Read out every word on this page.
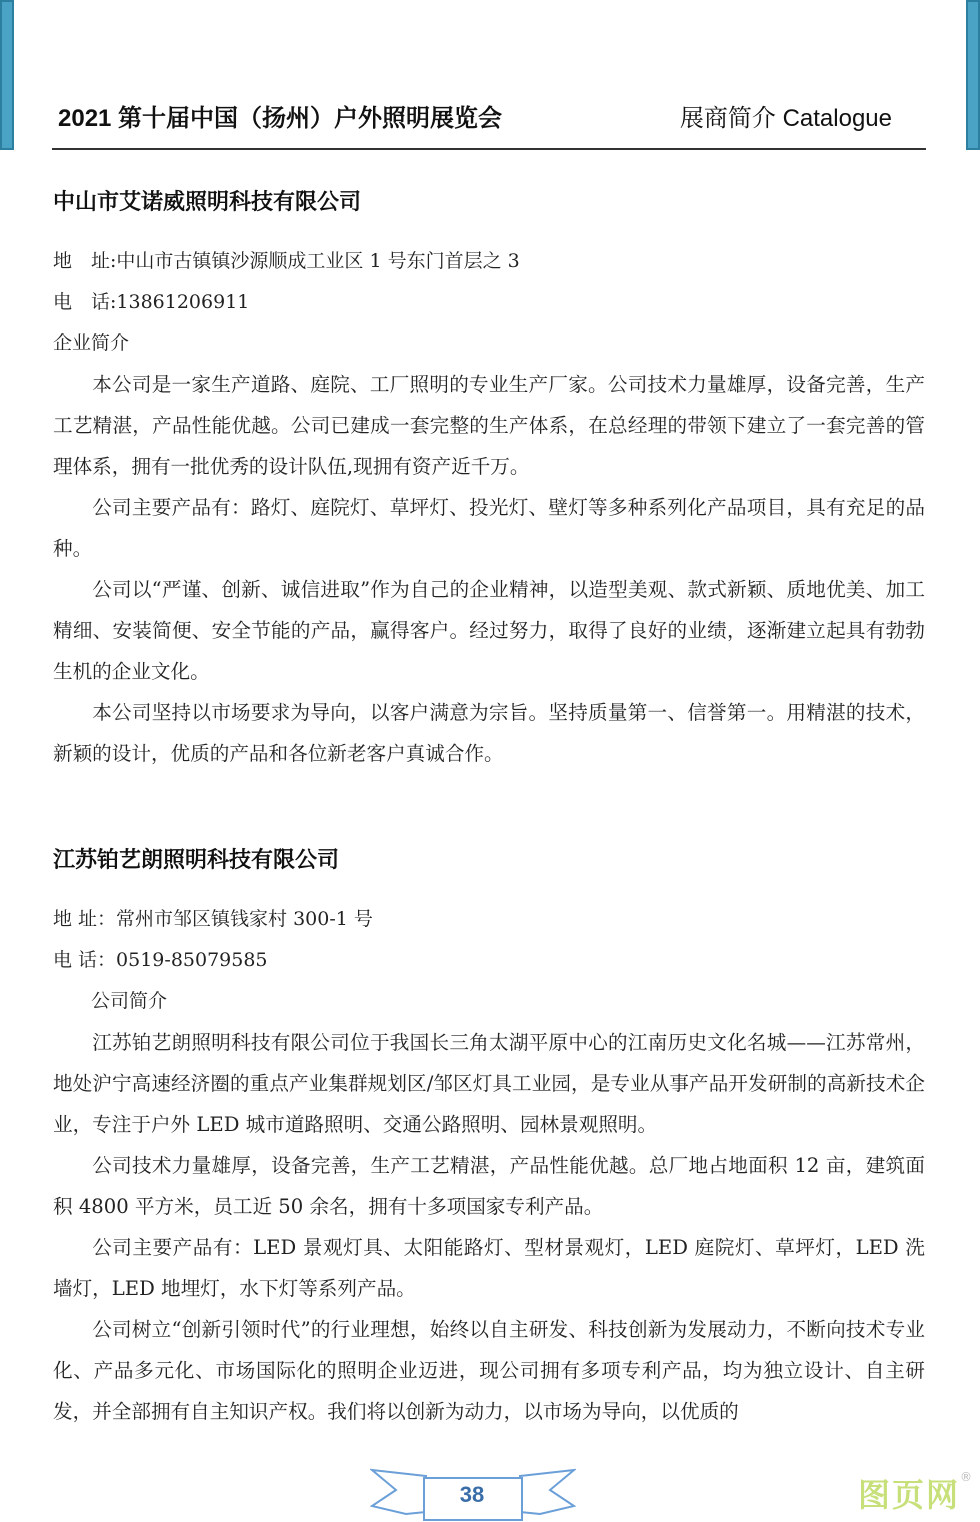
2021 第十届中国（扬州）户外照明展览会	展商简介 Catalogue
中山市艾诺威照明科技有限公司
地　址:中山市古镇镇沙源顺成工业区 1 号东门首层之 3
电　话:13861206911
企业简介

本公司是一家生产道路、庭院、工厂照明的专业生产厂家。公司技术力量雄厚，设备完善，生产工艺精湛，产品性能优越。公司已建成一套完整的生产体系，在总经理的带领下建立了一套完善的管理体系，拥有一批优秀的设计队伍,现拥有资产近千万。

公司主要产品有：路灯、庭院灯、草坪灯、投光灯、壁灯等多种系列化产品项目，具有充足的品种。

公司以“严谨、创新、诚信进取”作为自己的企业精神，以造型美观、款式新颖、质地优美、加工精细、安装简便、安全节能的产品，赢得客户。经过努力，取得了良好的业绩，逐渐建立起具有勃勃生机的企业文化。

本公司坚持以市场要求为导向，以客户满意为宗旨。坚持质量第一、信誉第一。用精湛的技术，新颖的设计，优质的产品和各位新老客户真诚合作。

江苏铂艺朗照明科技有限公司
地 址：常州市邹区镇钱家村 300-1 号
电 话：0519-85079585
公司简介

江苏铂艺朗照明科技有限公司位于我国长三角太湖平原中心的江南历史文化名城——江苏常州，地处沪宁高速经济圈的重点产业集群规划区/邹区灯具工业园，是专业从事产品开发研制的高新技术企业，专注于户外 LED 城市道路照明、交通公路照明、园林景观照明。

公司技术力量雄厚，设备完善，生产工艺精湛，产品性能优越。总厂地占地面积 12 亩，建筑面积 4800 平方米，员工近 50 余名，拥有十多项国家专利产品。

公司主要产品有：LED 景观灯具、太阳能路灯、型材景观灯，LED 庭院灯、草坪灯，LED 洗墙灯，LED 地埋灯，水下灯等系列产品。

公司树立“创新引领时代”的行业理想，始终以自主研发、科技创新为发展动力，不断向技术专业化、产品多元化、市场国际化的照明企业迈进，现公司拥有多项专利产品，均为独立设计、自主研发，并全部拥有自主知识产权。我们将以创新为动力，以市场为导向，以优质的

38	图页网®
